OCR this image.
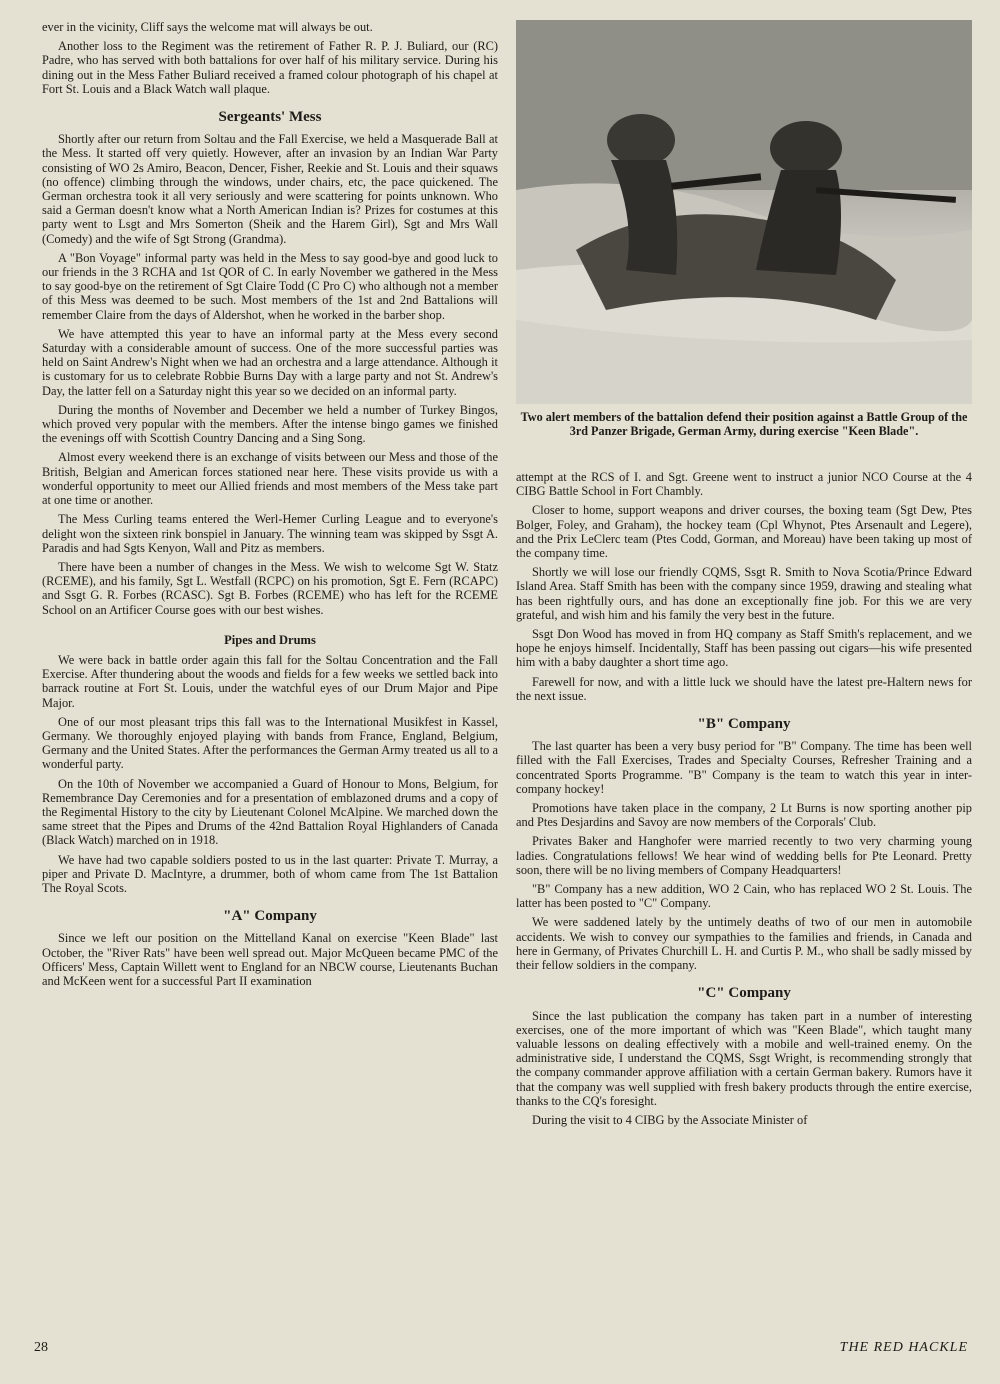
ever in the vicinity, Cliff says the welcome mat will always be out.

Another loss to the Regiment was the retirement of Father R. P. J. Buliard, our (RC) Padre, who has served with both battalions for over half of his military service. During his dining out in the Mess Father Buliard received a framed colour photograph of his chapel at Fort St. Louis and a Black Watch wall plaque.

Sergeants' Mess

Shortly after our return from Soltau and the Fall Exercise, we held a Masquerade Ball at the Mess. It started off very quietly. However, after an invasion by an Indian War Party consisting of WO 2s Amiro, Beacon, Dencer, Fisher, Reekie and St. Louis and their squaws (no offence) climbing through the windows, under chairs, etc, the pace quickened. The German orchestra took it all very seriously and were scattering for points unknown. Who said a German doesn't know what a North American Indian is? Prizes for costumes at this party went to Lsgt and Mrs Somerton (Sheik and the Harem Girl), Sgt and Mrs Wall (Comedy) and the wife of Sgt Strong (Grandma).

A "Bon Voyage" informal party was held in the Mess to say good-bye and good luck to our friends in the 3 RCHA and 1st QOR of C. In early November we gathered in the Mess to say good-bye on the retirement of Sgt Claire Todd (C Pro C) who although not a member of this Mess was deemed to be such. Most members of the 1st and 2nd Battalions will remember Claire from the days of Aldershot, when he worked in the barber shop.

We have attempted this year to have an informal party at the Mess every second Saturday with a considerable amount of success. One of the more successful parties was held on Saint Andrew's Night when we had an orchestra and a large attendance. Although it is customary for us to celebrate Robbie Burns Day with a large party and not St. Andrew's Day, the latter fell on a Saturday night this year so we decided on an informal party.

During the months of November and December we held a number of Turkey Bingos, which proved very popular with the members. After the intense bingo games we finished the evenings off with Scottish Country Dancing and a Sing Song.

Almost every weekend there is an exchange of visits between our Mess and those of the British, Belgian and American forces stationed near here. These visits provide us with a wonderful opportunity to meet our Allied friends and most members of the Mess take part at one time or another.

The Mess Curling teams entered the Werl-Hemer Curling League and to everyone's delight won the sixteen rink bonspiel in January. The winning team was skipped by Ssgt A. Paradis and had Sgts Kenyon, Wall and Pitz as members.

There have been a number of changes in the Mess. We wish to welcome Sgt W. Statz (RCEME), and his family, Sgt L. Westfall (RCPC) on his promotion, Sgt E. Fern (RCAPC) and Ssgt G. R. Forbes (RCASC). Sgt B. Forbes (RCEME) who has left for the RCEME School on an Artificer Course goes with our best wishes.

Pipes and Drums

We were back in battle order again this fall for the Soltau Concentration and the Fall Exercise. After thundering about the woods and fields for a few weeks we settled back into barrack routine at Fort St. Louis, under the watchful eyes of our Drum Major and Pipe Major.

One of our most pleasant trips this fall was to the International Musikfest in Kassel, Germany. We thoroughly enjoyed playing with bands from France, England, Belgium, Germany and the United States. After the performances the German Army treated us all to a wonderful party.

On the 10th of November we accompanied a Guard of Honour to Mons, Belgium, for Remembrance Day Ceremonies and for a presentation of emblazoned drums and a copy of the Regimental History to the city by Lieutenant Colonel McAlpine. We marched down the same street that the Pipes and Drums of the 42nd Battalion Royal Highlanders of Canada (Black Watch) marched on in 1918.

We have had two capable soldiers posted to us in the last quarter: Private T. Murray, a piper and Private D. MacIntyre, a drummer, both of whom came from The 1st Battalion The Royal Scots.

"A" Company

Since we left our position on the Mittelland Kanal on exercise "Keen Blade" last October, the "River Rats" have been well spread out. Major McQueen became PMC of the Officers' Mess, Captain Willett went to England for an NBCW course, Lieutenants Buchan and McKeen went for a successful Part II examination

Two alert members of the battalion defend their position against a Battle Group of the 3rd Panzer Brigade, German Army, during exercise "Keen Blade".

attempt at the RCS of I. and Sgt. Greene went to instruct a junior NCO Course at the 4 CIBG Battle School in Fort Chambly.

Closer to home, support weapons and driver courses, the boxing team (Sgt Dew, Ptes Bolger, Foley, and Graham), the hockey team (Cpl Whynot, Ptes Arsenault and Legere), and the Prix LeClerc team (Ptes Codd, Gorman, and Moreau) have been taking up most of the company time.

Shortly we will lose our friendly CQMS, Ssgt R. Smith to Nova Scotia/Prince Edward Island Area. Staff Smith has been with the company since 1959, drawing and stealing what has been rightfully ours, and has done an exceptionally fine job. For this we are very grateful, and wish him and his family the very best in the future.

Ssgt Don Wood has moved in from HQ company as Staff Smith's replacement, and we hope he enjoys himself. Incidentally, Staff has been passing out cigars—his wife presented him with a baby daughter a short time ago.

Farewell for now, and with a little luck we should have the latest pre-Haltern news for the next issue.

"B" Company

The last quarter has been a very busy period for "B" Company. The time has been well filled with the Fall Exercises, Trades and Specialty Courses, Refresher Training and a concentrated Sports Programme. "B" Company is the team to watch this year in inter-company hockey!

Promotions have taken place in the company, 2 Lt Burns is now sporting another pip and Ptes Desjardins and Savoy are now members of the Corporals' Club.

Privates Baker and Hanghofer were married recently to two very charming young ladies. Congratulations fellows! We hear wind of wedding bells for Pte Leonard. Pretty soon, there will be no living members of Company Headquarters!

"B" Company has a new addition, WO 2 Cain, who has replaced WO 2 St. Louis. The latter has been posted to "C" Company.

We were saddened lately by the untimely deaths of two of our men in automobile accidents. We wish to convey our sympathies to the families and friends, in Canada and here in Germany, of Privates Churchill L. H. and Curtis P. M., who shall be sadly missed by their fellow soldiers in the company.

"C" Company

Since the last publication the company has taken part in a number of interesting exercises, one of the more important of which was "Keen Blade", which taught many valuable lessons on dealing effectively with a mobile and well-trained enemy. On the administrative side, I understand the CQMS, Ssgt Wright, is recommending strongly that the company commander approve affiliation with a certain German bakery. Rumors have it that the company was well supplied with fresh bakery products through the entire exercise, thanks to the CQ's foresight.

During the visit to 4 CIBG by the Associate Minister of

28	THE RED HACKLE
